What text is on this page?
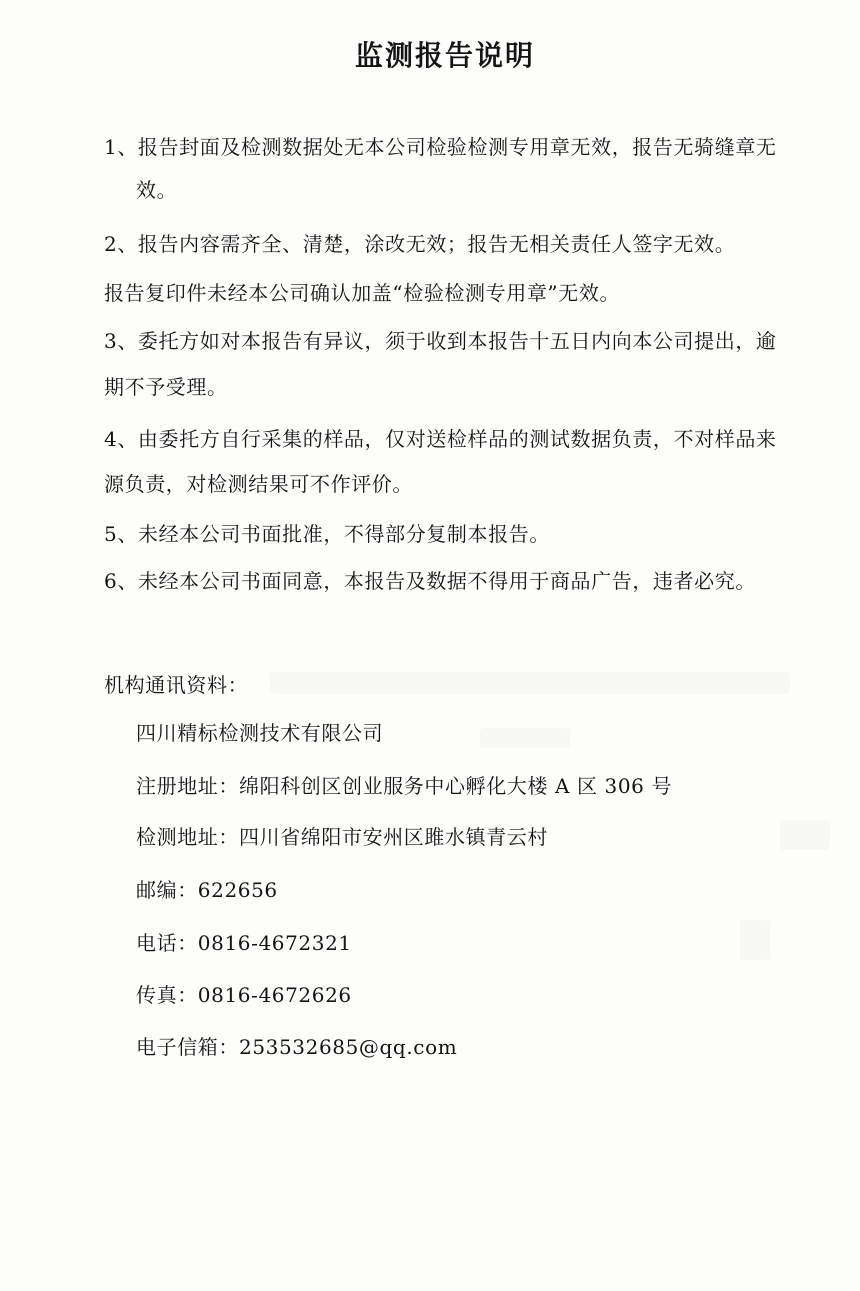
监测报告说明
1、报告封面及检测数据处无本公司检验检测专用章无效，报告无骑缝章无
效。
2、报告内容需齐全、清楚，涂改无效；报告无相关责任人签字无效。
报告复印件未经本公司确认加盖“检验检测专用章”无效。
3、委托方如对本报告有异议，须于收到本报告十五日内向本公司提出，逾
期不予受理。
4、由委托方自行采集的样品，仅对送检样品的测试数据负责，不对样品来
源负责，对检测结果可不作评价。
5、未经本公司书面批准，不得部分复制本报告。
6、未经本公司书面同意，本报告及数据不得用于商品广告，违者必究。
机构通讯资料：
四川精标检测技术有限公司
注册地址：绵阳科创区创业服务中心孵化大楼 A 区 306 号
检测地址：四川省绵阳市安州区雎水镇青云村
邮编：622656
电话：0816-4672321
传真：0816-4672626
电子信箱：253532685@qq.com
